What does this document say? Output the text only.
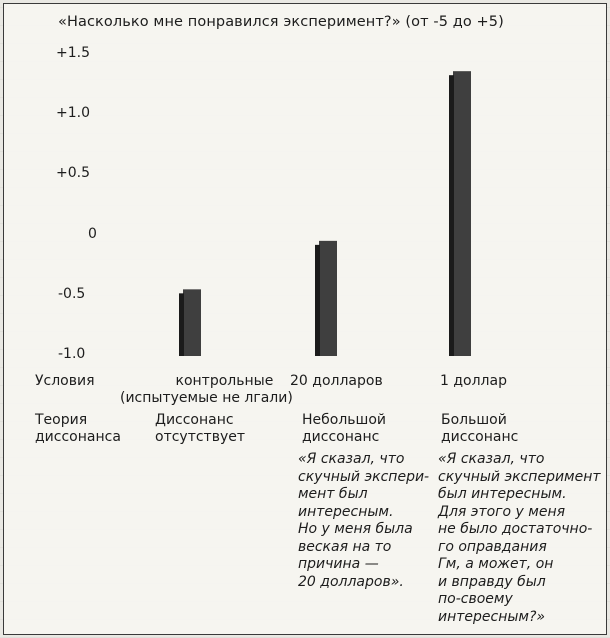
«Насколько мне понравился эксперимент?» (от -5 до +5)
+1.5
+1.0
+0.5
0
-0.5
-1.0
Условия	контрольные
(испытуемые не лгали)
20 долларов	1 доллар
Теория
диссонанса
Диссонанс
отсутствует
Небольшой
диссонанс
Большой
диссонанс
«Я сказал, что
скучный экспери-
мент был
интересным.
Но у меня была
веская на то
причина —
20 долларов».
«Я сказал, что
скучный эксперимент
был интересным.
Для этого у меня
не было достаточно-
го оправдания
Гм, а может, он
и вправду был
по-своему
интересным?»
